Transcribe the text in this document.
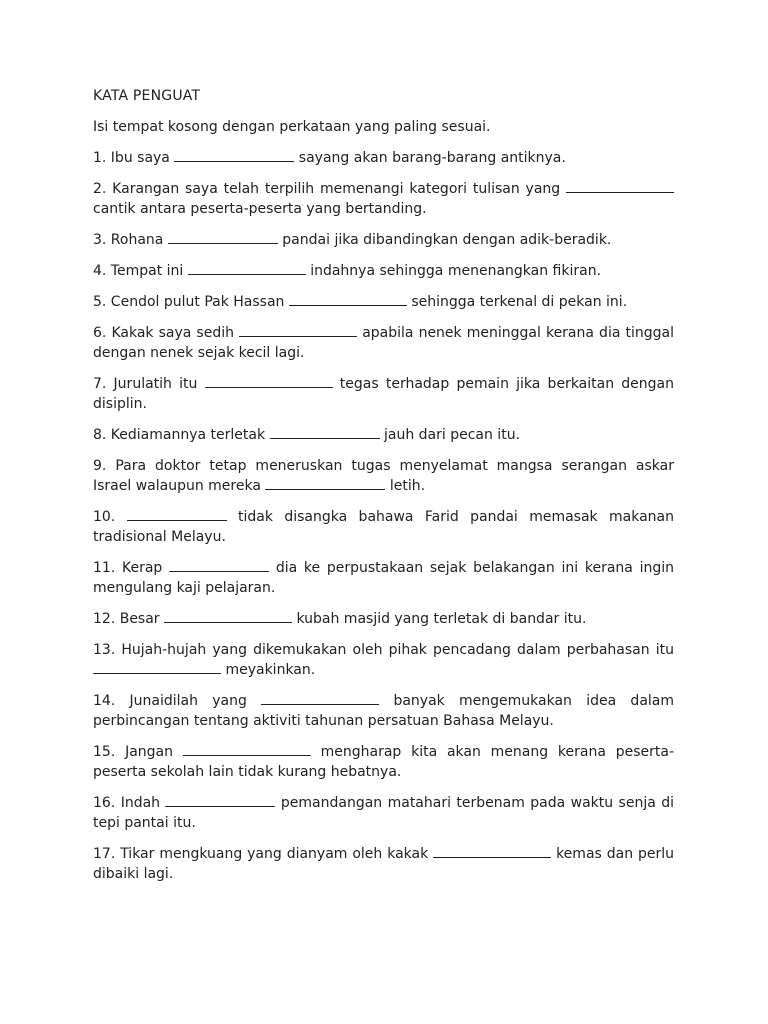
KATA PENGUAT
Isi tempat kosong dengan perkataan yang paling sesuai.
1. Ibu saya	sayang akan barang-barang antiknya.
2. Karangan saya telah terpilih memenangi kategori tulisan yang  cantik antara peserta-peserta yang bertanding.
3. Rohana	pandai jika dibandingkan dengan adik-beradik.
4. Tempat ini	indahnya sehingga menenangkan fikiran.
5. Cendol pulut Pak Hassan	sehingga terkenal di pekan ini.
6. Kakak saya sedih	apabila nenek meninggal kerana dia tinggal dengan nenek sejak kecil lagi.
7. Jurulatih itu	tegas terhadap pemain jika berkaitan dengan disiplin.
8. Kediamannya terletak	jauh dari pecan itu.
9. Para doktor tetap meneruskan tugas menyelamat mangsa serangan askar Israel walaupun mereka	letih.
10.	tidak disangka bahawa Farid pandai memasak makanan tradisional Melayu.
11. Kerap	dia ke perpustakaan sejak belakangan ini kerana ingin mengulang kaji pelajaran.
12. Besar	kubah masjid yang terletak di bandar itu.
13. Hujah-hujah yang dikemukakan oleh pihak pencadang dalam perbahasan itu  meyakinkan.
14. Junaidilah yang	banyak mengemukakan idea dalam perbincangan tentang aktiviti tahunan persatuan Bahasa Melayu.
15. Jangan	mengharap kita akan menang kerana peserta-peserta sekolah lain tidak kurang hebatnya.
16. Indah	pemandangan matahari terbenam pada waktu senja di tepi pantai itu.
17. Tikar mengkuang yang dianyam oleh kakak	kemas dan perlu dibaiki lagi.
